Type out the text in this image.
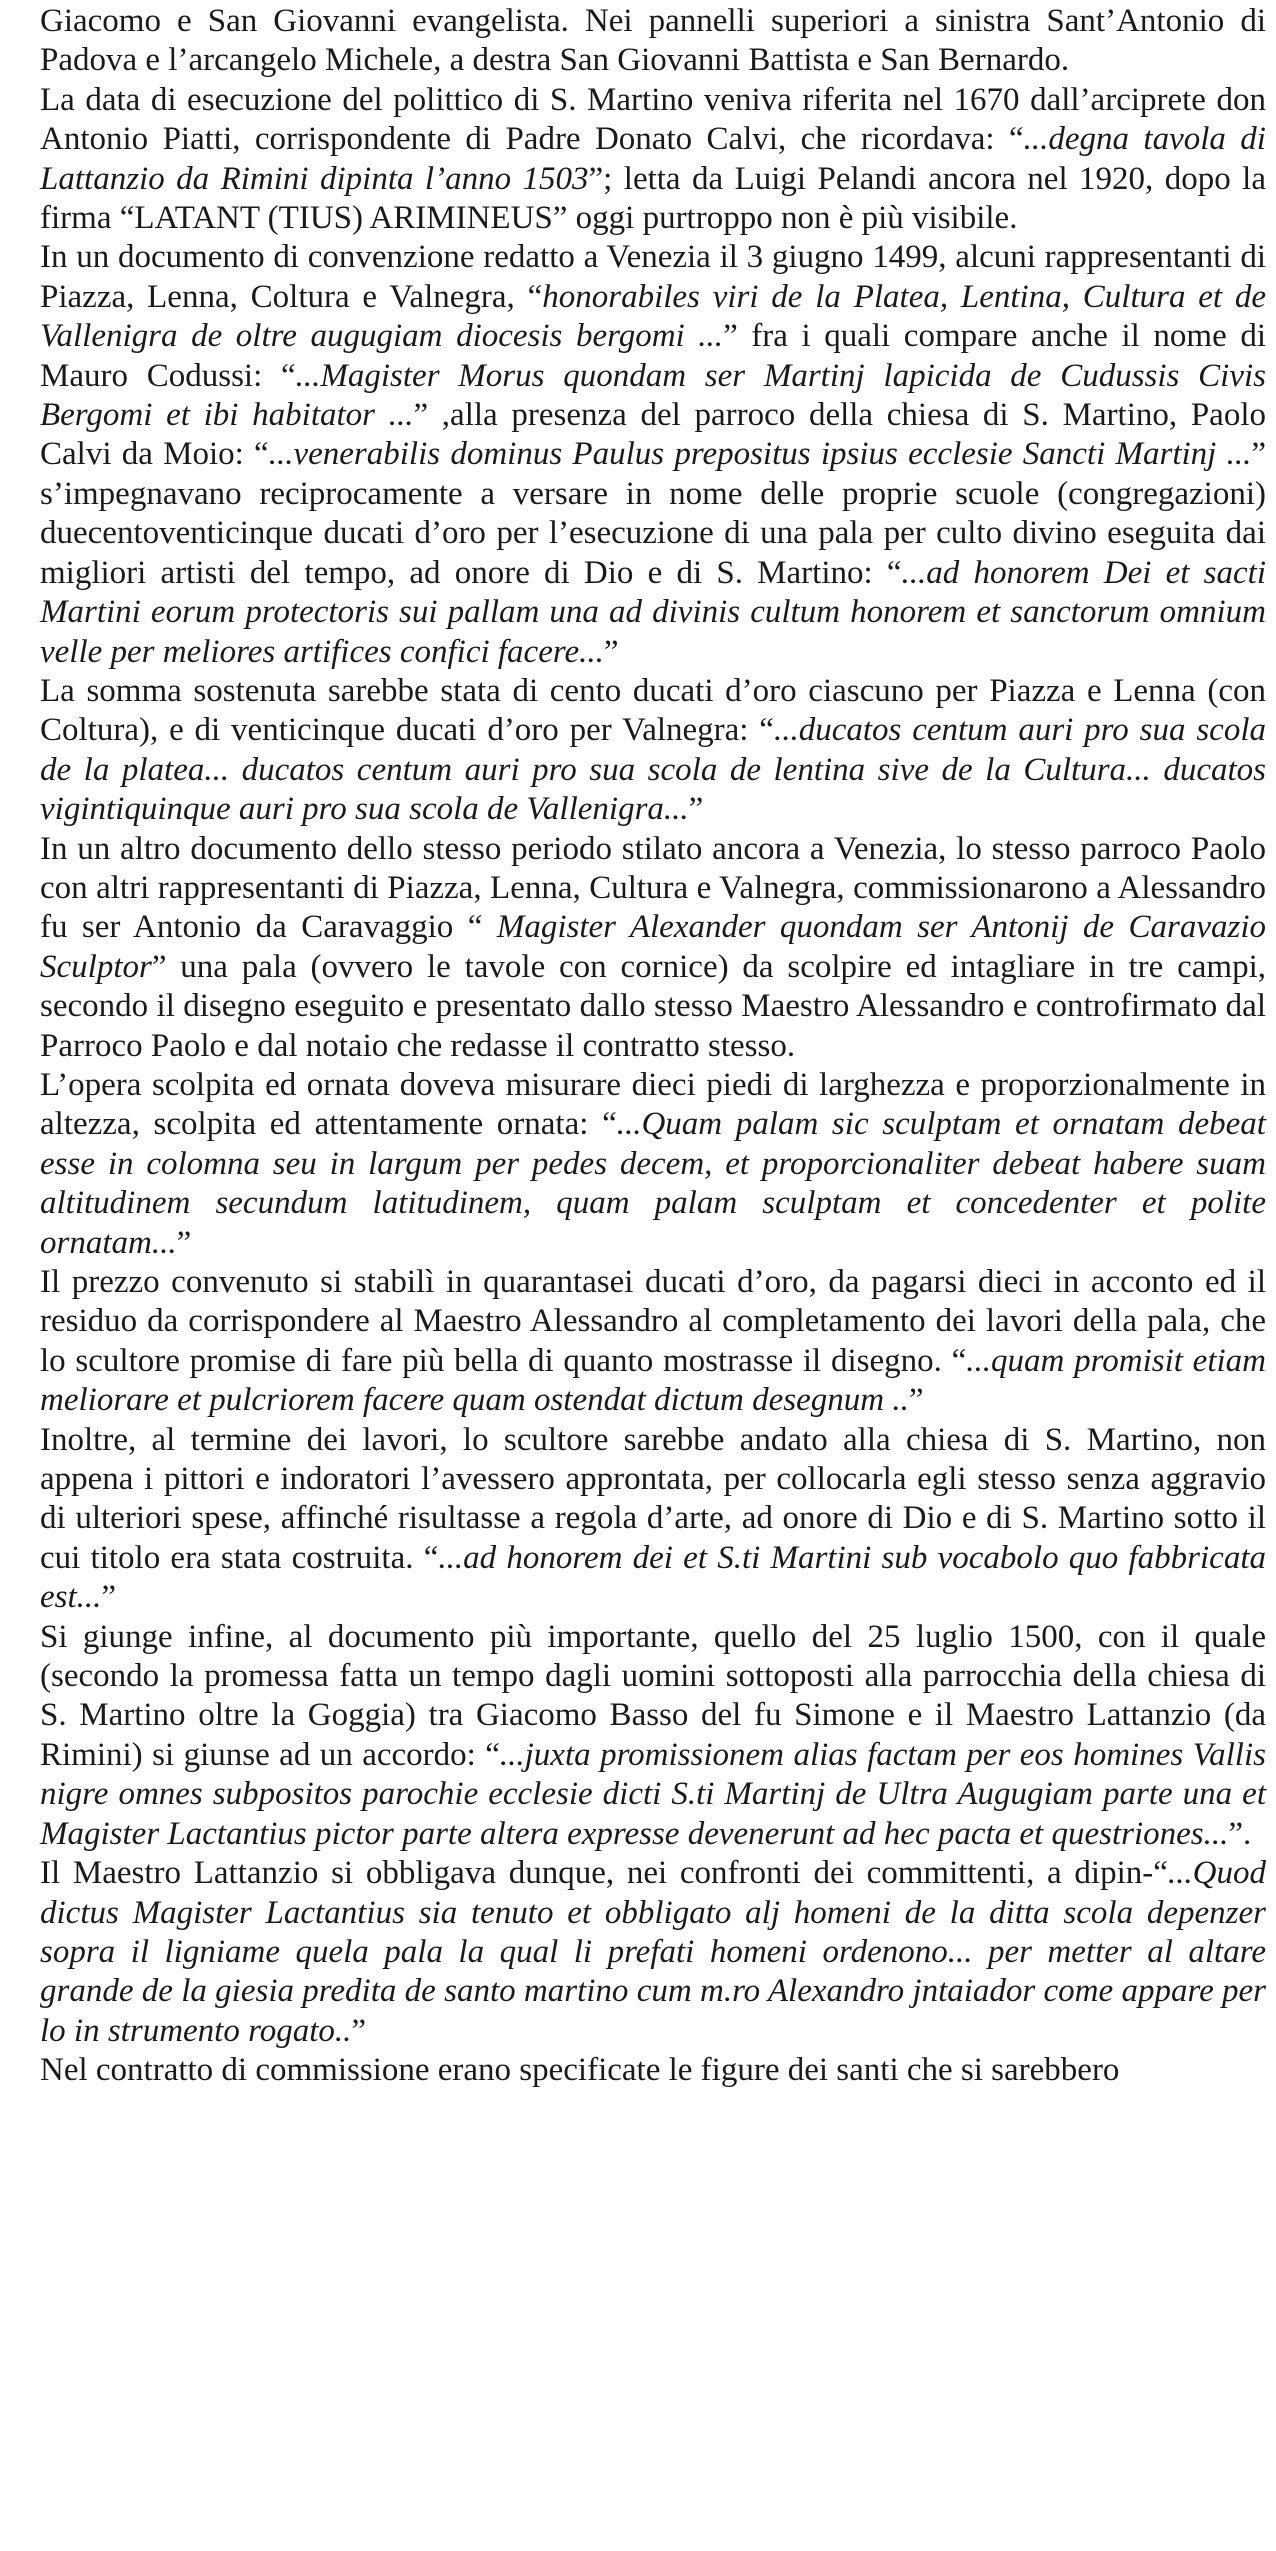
Giacomo e San Giovanni evangelista. Nei pannelli superiori a sinistra Sant’Antonio di Padova e l’arcangelo Michele, a destra San Giovanni Battista e San Bernardo.

La data di esecuzione del polittico di S. Martino veniva riferita nel 1670 dall’arciprete don Antonio Piatti, corrispondente di Padre Donato Calvi, che ricordava: “...degna tavola di Lattanzio da Rimini dipinta l’anno 1503”; letta da Luigi Pelandi ancora nel 1920, dopo la firma “LATANT (TIUS) ARIMINEUS” oggi purtroppo non è più visibile.

In un documento di convenzione redatto a Venezia il 3 giugno 1499, alcuni rappresentanti di Piazza, Lenna, Coltura e Valnegra, “honorabiles viri de la Platea, Lentina, Cultura et de Vallenigra de oltre augugiam diocesis bergomi ...” fra i quali compare anche il nome di Mauro Codussi: “...Magister Morus quondam ser Martinj lapicida de Cudussis Civis Bergomi et ibi habitator ...” ,alla presenza del parroco della chiesa di S. Martino, Paolo Calvi da Moio: “...venerabilis dominus Paulus prepositus ipsius ecclesie Sancti Martinj ...” s’impegnavano reciprocamente a versare in nome delle proprie scuole (congregazioni) duecentoventicinque ducati d’oro per l’esecuzione di una pala per culto divino eseguita dai migliori artisti del tempo, ad onore di Dio e di S. Martino: “...ad honorem Dei et sacti Martini eorum protectoris sui pallam una ad divinis cultum honorem et sanctorum omnium velle per meliores artifices confici facere...”

La somma sostenuta sarebbe stata di cento ducati d’oro ciascuno per Piazza e Lenna (con Coltura), e di venticinque ducati d’oro per Valnegra: “...ducatos centum auri pro sua scola de la platea... ducatos centum auri pro sua scola de lentina sive de la Cultura... ducatos vigintiquinque auri pro sua scola de Vallenigra...”

In un altro documento dello stesso periodo stilato ancora a Venezia, lo stesso parroco Paolo con altri rappresentanti di Piazza, Lenna, Cultura e Valnegra, commissionarono a Alessandro fu ser Antonio da Caravaggio “ Magister Alexander quondam ser Antonij de Caravazio Sculptor” una pala (ovvero le tavole con cornice) da scolpire ed intagliare in tre campi, secondo il disegno eseguito e presentato dallo stesso Maestro Alessandro e controfirmato dal Parroco Paolo e dal notaio che redasse il contratto stesso.

L’opera scolpita ed ornata doveva misurare dieci piedi di larghezza e proporzionalmente in altezza, scolpita ed attentamente ornata: “...Quam palam sic sculptam et ornatam debeat esse in colomna seu in largum per pedes decem, et proporcionaliter debeat habere suam altitudinem secundum latitudinem, quam palam sculptam et concedenter et polite ornatam...”

Il prezzo convenuto si stabilì in quarantasei ducati d’oro, da pagarsi dieci in acconto ed il residuo da corrispondere al Maestro Alessandro al completamento dei lavori della pala, che lo scultore promise di fare più bella di quanto mostrasse il disegno. “...quam promisit etiam meliorare et pulcriorem facere quam ostendat dictum desegnum ..”

Inoltre, al termine dei lavori, lo scultore sarebbe andato alla chiesa di S. Martino, non appena i pittori e indoratori l’avessero approntata, per collocarla egli stesso senza aggravio di ulteriori spese, affinché risultasse a regola d’arte, ad onore di Dio e di S. Martino sotto il cui titolo era stata costruita. “...ad honorem dei et S.ti Martini sub vocabolo quo fabbricata est...”

Si giunge infine, al documento più importante, quello del 25 luglio 1500, con il quale (secondo la promessa fatta un tempo dagli uomini sottoposti alla parrocchia della chiesa di S. Martino oltre la Goggia) tra Giacomo Basso del fu Simone e il Maestro Lattanzio (da Rimini) si giunse ad un accordo: “...juxta promissionem alias factam per eos homines Vallis nigre omnes subpositos parochie ecclesie dicti S.ti Martinj de Ultra Augugiam parte una et Magister Lactantius pictor parte altera expresse devenerunt ad hec pacta et questriones...”.

Il Maestro Lattanzio si obbligava dunque, nei confronti dei committenti, a dipin-“...Quod dictus Magister Lactantius sia tenuto et obbligato alj homeni de la ditta scola depenzer sopra il ligniame quela pala la qual li prefati homeni ordenono... per metter al altare grande de la giesia predita de santo martino cum m.ro Alexandro jntaiador come appare per lo in strumento rogato..”

Nel contratto di commissione erano specificate le figure dei santi che si sarebbero
